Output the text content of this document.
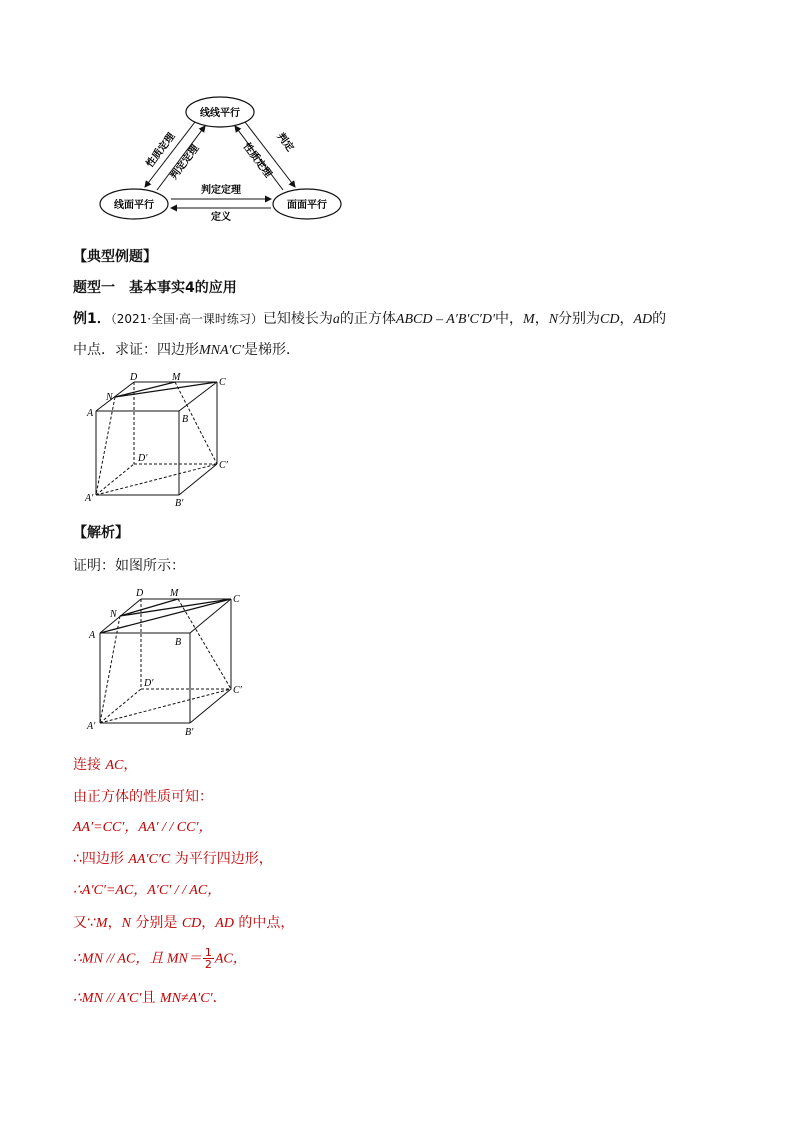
线线平行
线面平行	面面平行
性质定理
判定定理
判定
性质定理
判定定理
定义
【典型例题】
题型一　基本事实4的应用
例1．（2021·全国·高一课时练习）已知棱长为a的正方体ABCD – A′B′C′D′中，M，N分别为CD，AD的
中点．求证：四边形MNA′C′是梯形．
D	M	C
N
A
B
D′
C′
A′	B′
【解析】
证明：如图所示：
D	M
C
N
A
B
D′
C′
A′
B′
连接 AC，
由正方体的性质可知：
AA′=CC′，AA′ / / CC′，
∴四边形 AA′C′C 为平行四边形，
∴A′C′=AC，A′C′ / / AC，
又∵M，N 分别是 CD，AD 的中点，
∴MN // AC，且 $MN= \frac{1}{2}$ AC，
∴MN // A′C′且 MN≠A′C′．
